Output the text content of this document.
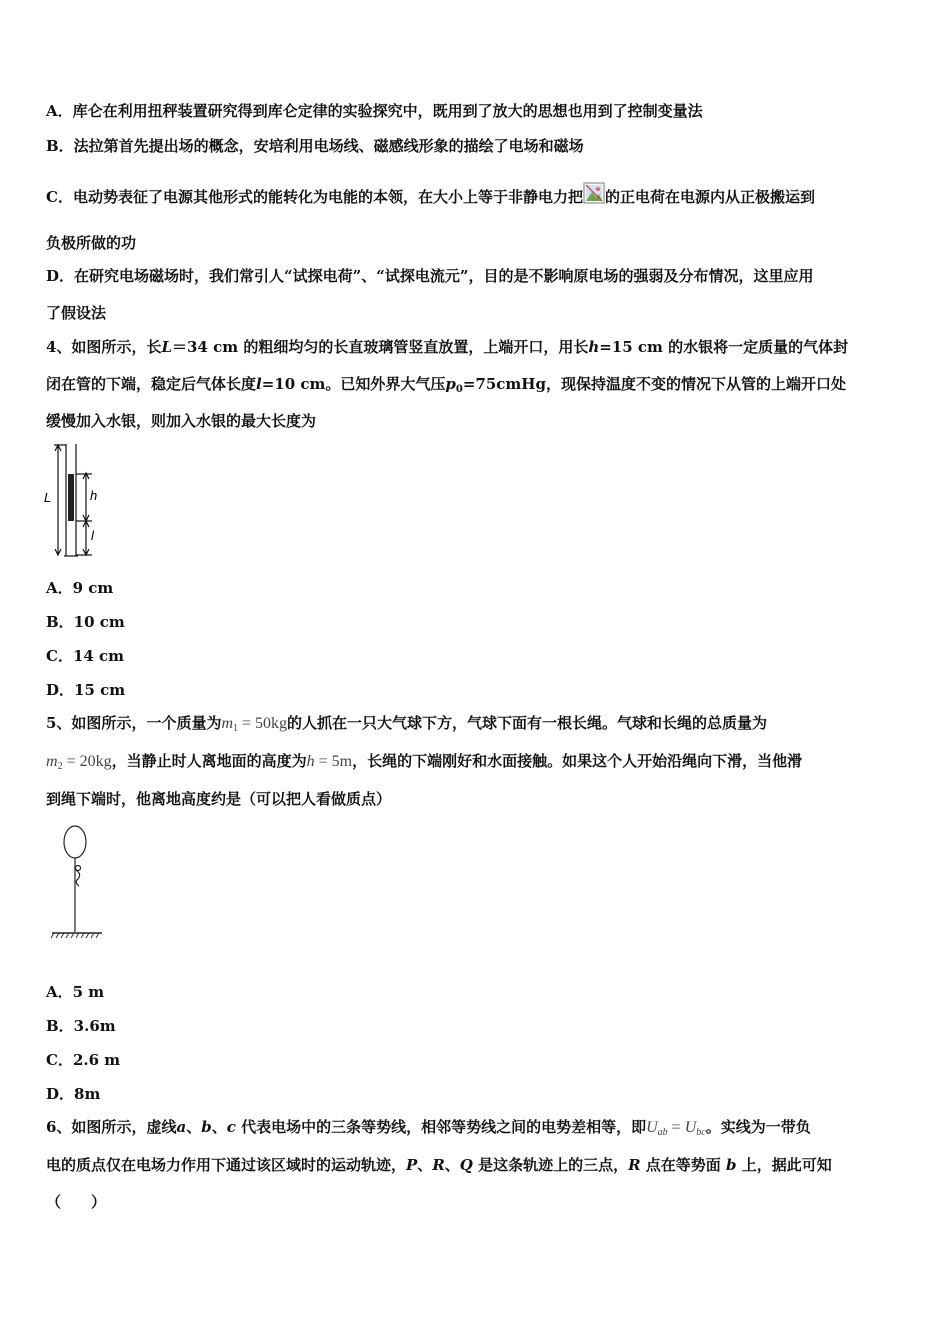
A．库仑在利用扭秤装置研究得到库仑定律的实验探究中，既用到了放大的思想也用到了控制变量法
B．法拉第首先提出场的概念，安培利用电场线、磁感线形象的描绘了电场和磁场
C．电动势表征了电源其他形式的能转化为电能的本领，在大小上等于非静电力把 的正电荷在电源内从正极搬运到
负极所做的功
D．在研究电场磁场时，我们常引人“试探电荷”、“试探电流元”，目的是不影响原电场的强弱及分布情况，这里应用
了假设法
4、如图所示，长L＝34 cm 的粗细均匀的长直玻璃管竖直放置，上端开口，用长h=15 cm 的水银将一定质量的气体封
闭在管的下端，稳定后气体长度l=10 cm。已知外界大气压$p_0=75cmHg$，现保持温度不变的情况下从管的上端开口处
缓慢加入水银，则加入水银的最大长度为
L	h
l
A．9 cm
B．10 cm
C．14 cm
D．15 cm
5、如图所示，一个质量为$m_1 = 50kg$的人抓在一只大气球下方，气球下面有一根长绳。气球和长绳的总质量为
$m_2 = 20kg$，当静止时人离地面的高度为h = 5m，长绳的下端刚好和水面接触。如果这个人开始沿绳向下滑，当他滑
到绳下端时，他离地高度约是（可以把人看做质点）
A．5 m
B．3.6m
C．2.6 m
D．8m
6、如图所示，虚线a、b、c 代表电场中的三条等势线，相邻等势线之间的电势差相等，即$U_{ab} = U_{bc}$。实线为一带负
电的质点仅在电场力作用下通过该区域时的运动轨迹，P、R、Q 是这条轨迹上的三点，R 点在等势面 b 上，据此可知
（　　）
